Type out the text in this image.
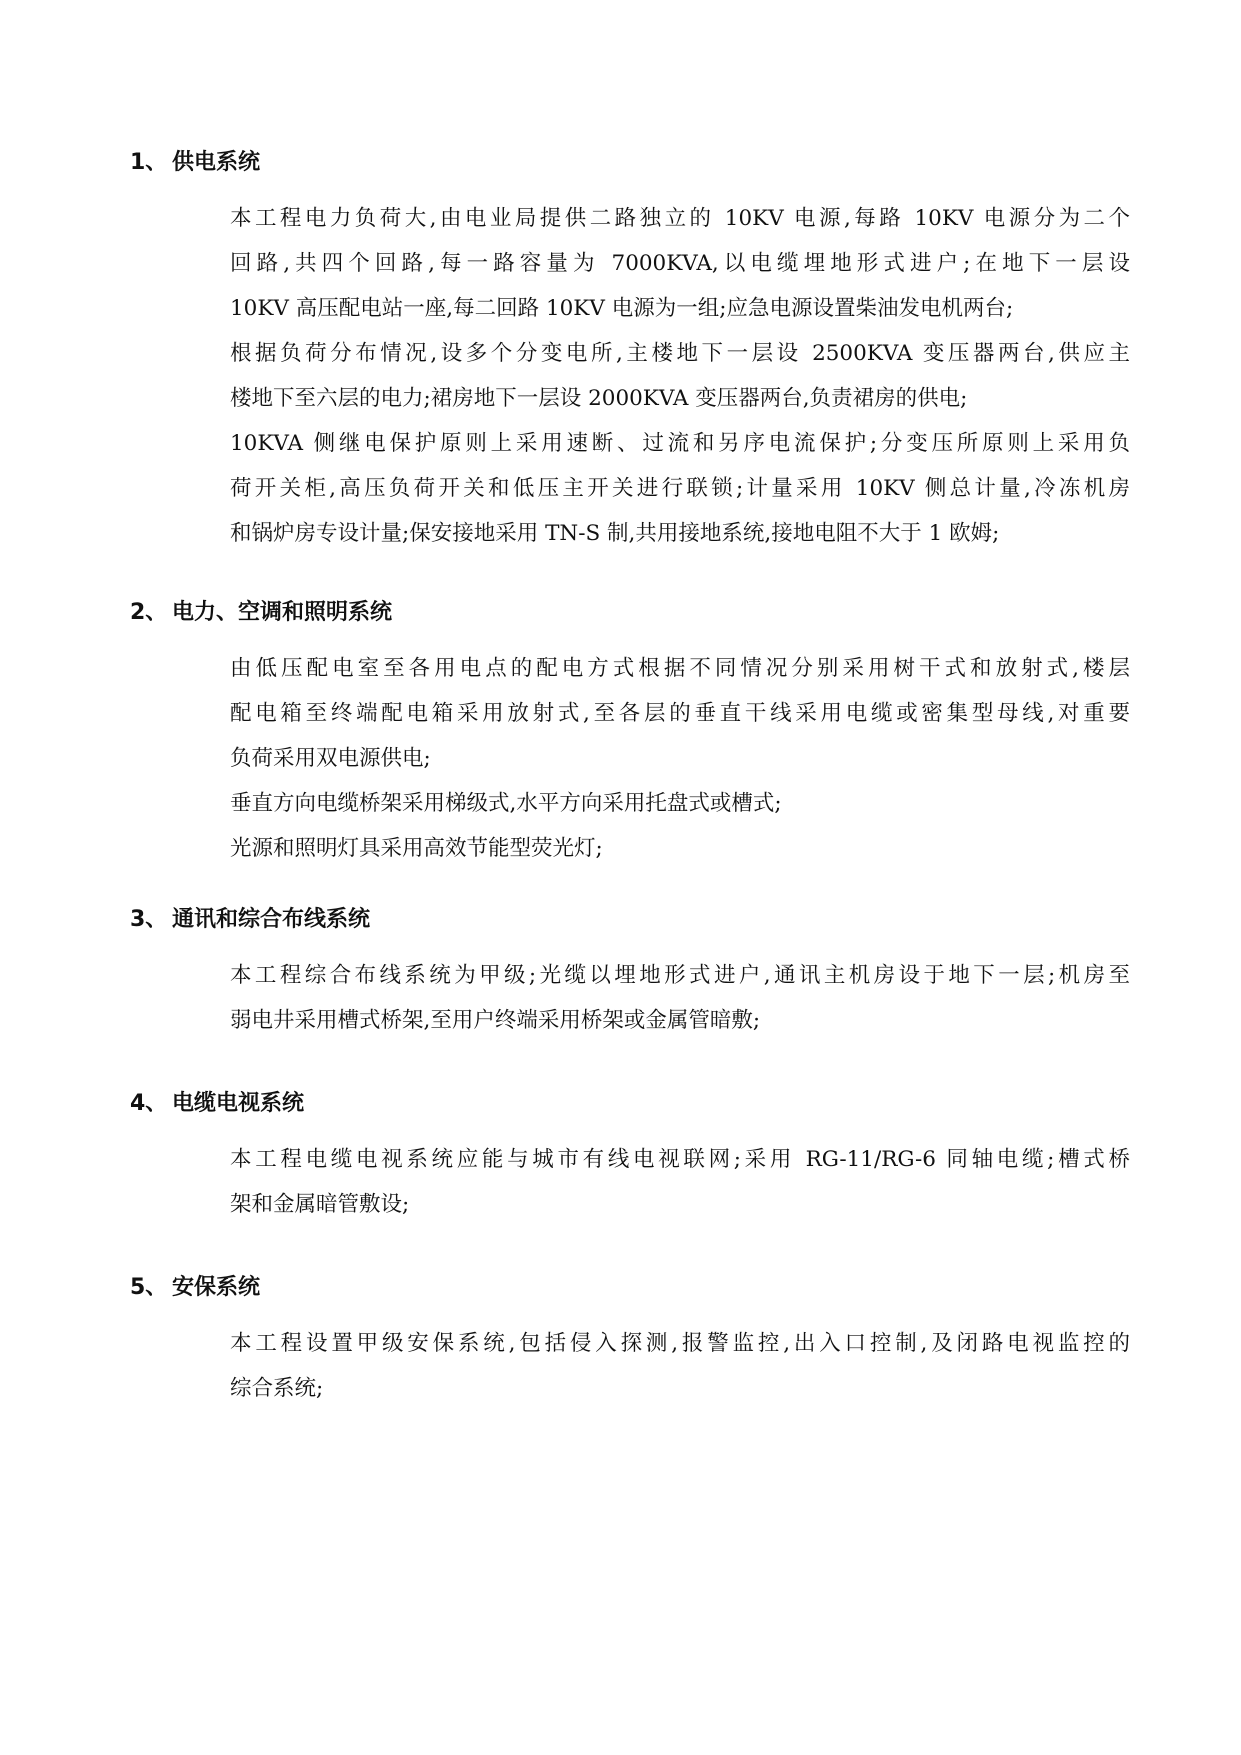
1、 供电系统
本工程电力负荷大,由电业局提供二路独立的 10KV 电源,每路 10KV 电源分为二个
回路,共四个回路,每一路容量为 7000KVA,以电缆埋地形式进户;在地下一层设
10KV 高压配电站一座,每二回路 10KV 电源为一组;应急电源设置柴油发电机两台;
根据负荷分布情况,设多个分变电所,主楼地下一层设 2500KVA 变压器两台,供应主
楼地下至六层的电力;裙房地下一层设 2000KVA 变压器两台,负责裙房的供电;
10KVA 侧继电保护原则上采用速断、过流和另序电流保护;分变压所原则上采用负
荷开关柜,高压负荷开关和低压主开关进行联锁;计量采用 10KV 侧总计量,冷冻机房
和锅炉房专设计量;保安接地采用 TN-S 制,共用接地系统,接地电阻不大于 1 欧姆;
2、 电力、空调和照明系统
由低压配电室至各用电点的配电方式根据不同情况分别采用树干式和放射式,楼层
配电箱至终端配电箱采用放射式,至各层的垂直干线采用电缆或密集型母线,对重要
负荷采用双电源供电;
垂直方向电缆桥架采用梯级式,水平方向采用托盘式或槽式;
光源和照明灯具采用高效节能型荧光灯;
3、 通讯和综合布线系统
本工程综合布线系统为甲级;光缆以埋地形式进户,通讯主机房设于地下一层;机房至
弱电井采用槽式桥架,至用户终端采用桥架或金属管暗敷;
4、 电缆电视系统
本工程电缆电视系统应能与城市有线电视联网;采用 RG-11/RG-6 同轴电缆;槽式桥
架和金属暗管敷设;
5、 安保系统
本工程设置甲级安保系统,包括侵入探测,报警监控,出入口控制,及闭路电视监控的
综合系统;
